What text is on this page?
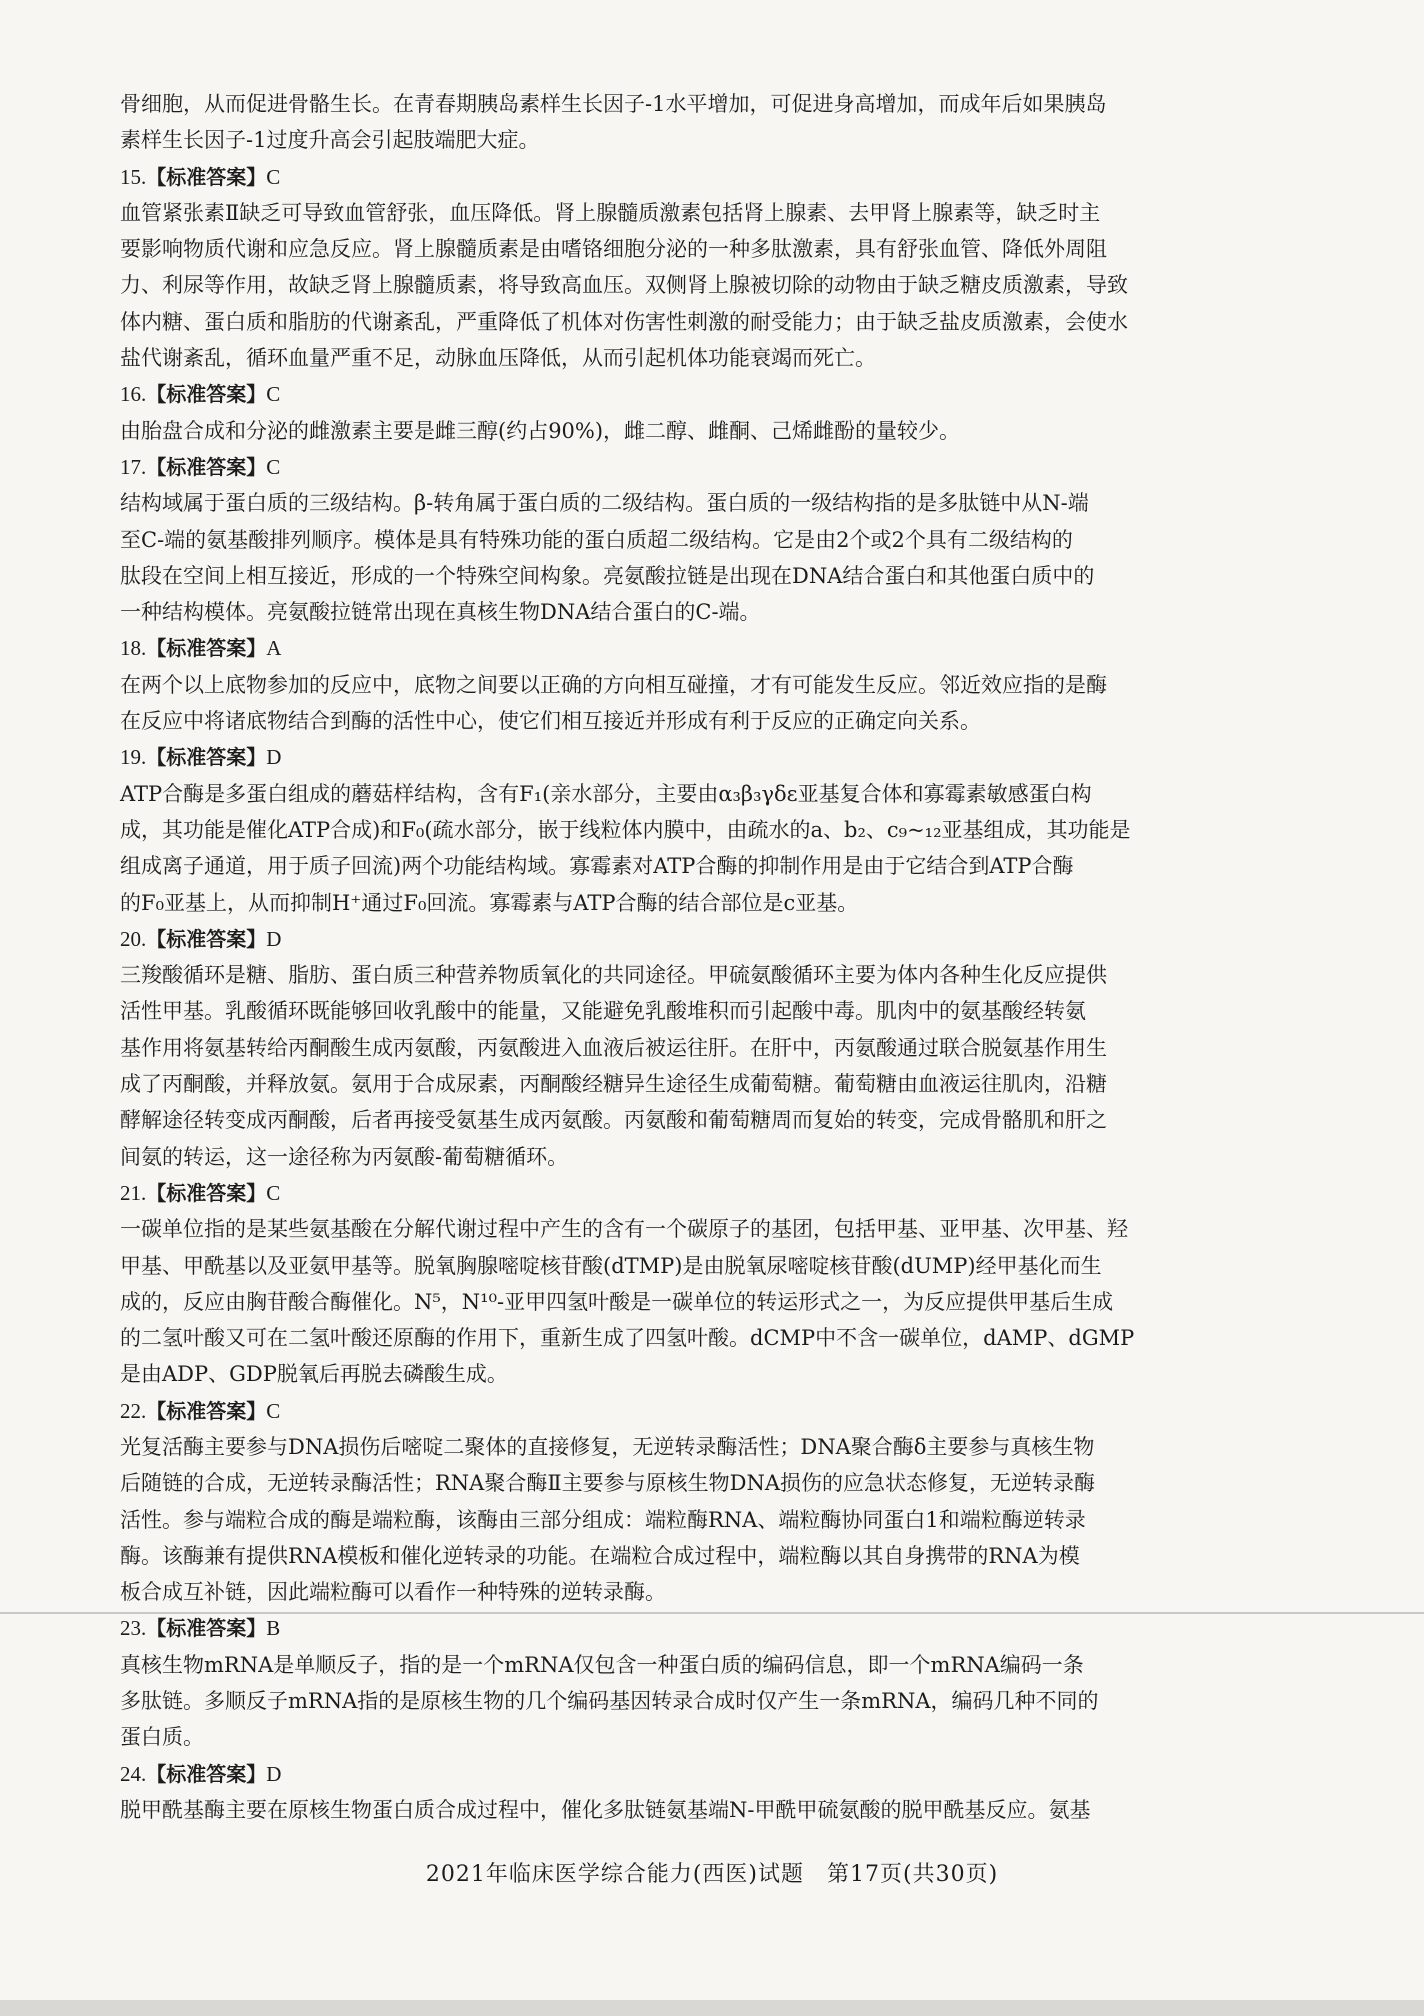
骨细胞，从而促进骨骼生长。在青春期胰岛素样生长因子-1水平增加，可促进身高增加，而成年后如果胰岛

素样生长因子-1过度升高会引起肢端肥大症。

15.【标准答案】C

血管紧张素Ⅱ缺乏可导致血管舒张，血压降低。肾上腺髓质激素包括肾上腺素、去甲肾上腺素等，缺乏时主

要影响物质代谢和应急反应。肾上腺髓质素是由嗜铬细胞分泌的一种多肽激素，具有舒张血管、降低外周阻

力、利尿等作用，故缺乏肾上腺髓质素，将导致高血压。双侧肾上腺被切除的动物由于缺乏糖皮质激素，导致

体内糖、蛋白质和脂肪的代谢紊乱，严重降低了机体对伤害性刺激的耐受能力；由于缺乏盐皮质激素，会使水

盐代谢紊乱，循环血量严重不足，动脉血压降低，从而引起机体功能衰竭而死亡。

16.【标准答案】C

由胎盘合成和分泌的雌激素主要是雌三醇(约占90%)，雌二醇、雌酮、己烯雌酚的量较少。

17.【标准答案】C

结构域属于蛋白质的三级结构。β-转角属于蛋白质的二级结构。蛋白质的一级结构指的是多肽链中从N-端

至C-端的氨基酸排列顺序。模体是具有特殊功能的蛋白质超二级结构。它是由2个或2个具有二级结构的

肽段在空间上相互接近，形成的一个特殊空间构象。亮氨酸拉链是出现在DNA结合蛋白和其他蛋白质中的

一种结构模体。亮氨酸拉链常出现在真核生物DNA结合蛋白的C-端。

18.【标准答案】A

在两个以上底物参加的反应中，底物之间要以正确的方向相互碰撞，才有可能发生反应。邻近效应指的是酶

在反应中将诸底物结合到酶的活性中心，使它们相互接近并形成有利于反应的正确定向关系。

19.【标准答案】D

ATP合酶是多蛋白组成的蘑菇样结构，含有F₁(亲水部分，主要由α₃β₃γδε亚基复合体和寡霉素敏感蛋白构

成，其功能是催化ATP合成)和F₀(疏水部分，嵌于线粒体内膜中，由疏水的a、b₂、c₉~₁₂亚基组成，其功能是

组成离子通道，用于质子回流)两个功能结构域。寡霉素对ATP合酶的抑制作用是由于它结合到ATP合酶

的F₀亚基上，从而抑制H⁺通过F₀回流。寡霉素与ATP合酶的结合部位是c亚基。

20.【标准答案】D

三羧酸循环是糖、脂肪、蛋白质三种营养物质氧化的共同途径。甲硫氨酸循环主要为体内各种生化反应提供

活性甲基。乳酸循环既能够回收乳酸中的能量，又能避免乳酸堆积而引起酸中毒。肌肉中的氨基酸经转氨

基作用将氨基转给丙酮酸生成丙氨酸，丙氨酸进入血液后被运往肝。在肝中，丙氨酸通过联合脱氨基作用生

成了丙酮酸，并释放氨。氨用于合成尿素，丙酮酸经糖异生途径生成葡萄糖。葡萄糖由血液运往肌肉，沿糖

酵解途径转变成丙酮酸，后者再接受氨基生成丙氨酸。丙氨酸和葡萄糖周而复始的转变，完成骨骼肌和肝之

间氨的转运，这一途径称为丙氨酸-葡萄糖循环。

21.【标准答案】C

一碳单位指的是某些氨基酸在分解代谢过程中产生的含有一个碳原子的基团，包括甲基、亚甲基、次甲基、羟

甲基、甲酰基以及亚氨甲基等。脱氧胸腺嘧啶核苷酸(dTMP)是由脱氧尿嘧啶核苷酸(dUMP)经甲基化而生

成的，反应由胸苷酸合酶催化。N⁵，N¹⁰-亚甲四氢叶酸是一碳单位的转运形式之一，为反应提供甲基后生成

的二氢叶酸又可在二氢叶酸还原酶的作用下，重新生成了四氢叶酸。dCMP中不含一碳单位，dAMP、dGMP

是由ADP、GDP脱氧后再脱去磷酸生成。

22.【标准答案】C

光复活酶主要参与DNA损伤后嘧啶二聚体的直接修复，无逆转录酶活性；DNA聚合酶δ主要参与真核生物

后随链的合成，无逆转录酶活性；RNA聚合酶Ⅱ主要参与原核生物DNA损伤的应急状态修复，无逆转录酶

活性。参与端粒合成的酶是端粒酶，该酶由三部分组成：端粒酶RNA、端粒酶协同蛋白1和端粒酶逆转录

酶。该酶兼有提供RNA模板和催化逆转录的功能。在端粒合成过程中，端粒酶以其自身携带的RNA为模

板合成互补链，因此端粒酶可以看作一种特殊的逆转录酶。

23.【标准答案】B

真核生物mRNA是单顺反子，指的是一个mRNA仅包含一种蛋白质的编码信息，即一个mRNA编码一条

多肽链。多顺反子mRNA指的是原核生物的几个编码基因转录合成时仅产生一条mRNA，编码几种不同的

蛋白质。

24.【标准答案】D

脱甲酰基酶主要在原核生物蛋白质合成过程中，催化多肽链氨基端N-甲酰甲硫氨酸的脱甲酰基反应。氨基

2021年临床医学综合能力(西医)试题　第17页(共30页)
